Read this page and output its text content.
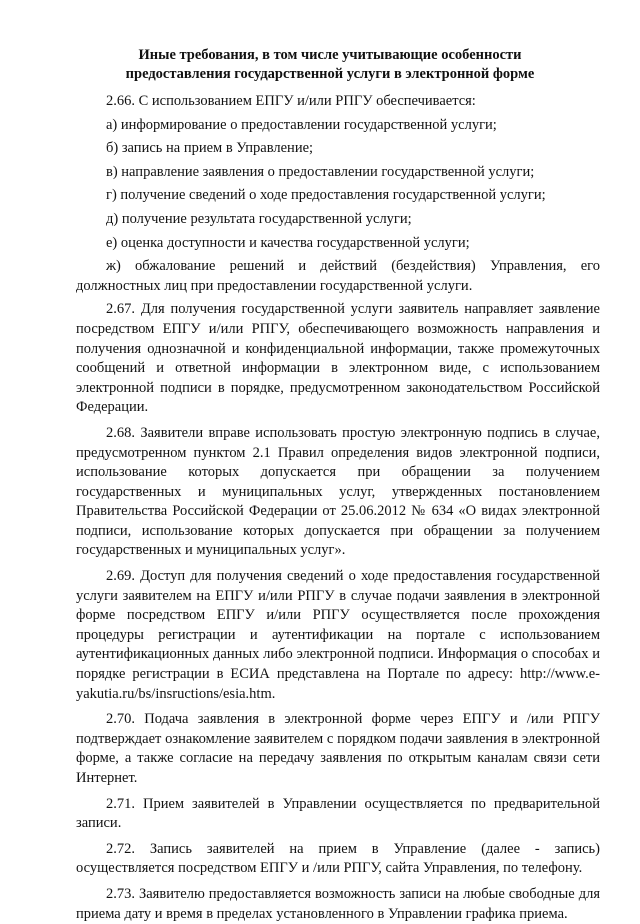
Иные требования, в том числе учитывающие особенности
предоставления государственной услуги в электронной форме

2.66. С использованием ЕПГУ и/или РПГУ обеспечивается:

а) информирование о предоставлении государственной услуги;

б) запись на прием в Управление;

в) направление заявления о предоставлении государственной услуги;

г) получение сведений о ходе предоставления государственной услуги;

д) получение результата государственной услуги;

е) оценка доступности и качества государственной услуги;

ж) обжалование решений и действий (бездействия) Управления, его должностных лиц при предоставлении государственной услуги.

2.67. Для получения государственной услуги заявитель направляет заявление посредством ЕПГУ и/или РПГУ, обеспечивающего возможность направления и получения однозначной и конфиденциальной информации, также промежуточных сообщений и ответной информации в электронном виде, с использованием электронной подписи в порядке, предусмотренном законодательством Российской Федерации.

2.68. Заявители вправе использовать простую электронную подпись в случае, предусмотренном пунктом 2.1 Правил определения видов электронной подписи, использование которых допускается при обращении за получением государственных и муниципальных услуг, утвержденных постановлением Правительства Российской Федерации от 25.06.2012 № 634 «О видах электронной подписи, использование которых допускается при обращении за получением государственных и муниципальных услуг».

2.69. Доступ для получения сведений о ходе предоставления государственной услуги заявителем на ЕПГУ и/или РПГУ в случае подачи заявления в электронной форме посредством ЕПГУ и/или РПГУ осуществляется после прохождения процедуры регистрации и аутентификации на портале с использованием аутентификационных данных либо электронной подписи. Информация о способах и порядке регистрации в ЕСИА представлена на Портале по адресу: http://www.e-yakutia.ru/bs/insructions/esia.htm.

2.70. Подача заявления в электронной форме через ЕПГУ и /или РПГУ подтверждает ознакомление заявителем с порядком подачи заявления в электронной форме, а также согласие на передачу заявления по открытым каналам связи сети Интернет.

2.71. Прием заявителей в Управлении осуществляется по предварительной записи.

2.72. Запись заявителей на прием в Управление (далее - запись) осуществляется посредством ЕПГУ и /или РПГУ, сайта Управления, по телефону.

2.73. Заявителю предоставляется возможность записи на любые свободные для приема дату и время в пределах установленного в Управлении графика приема.
